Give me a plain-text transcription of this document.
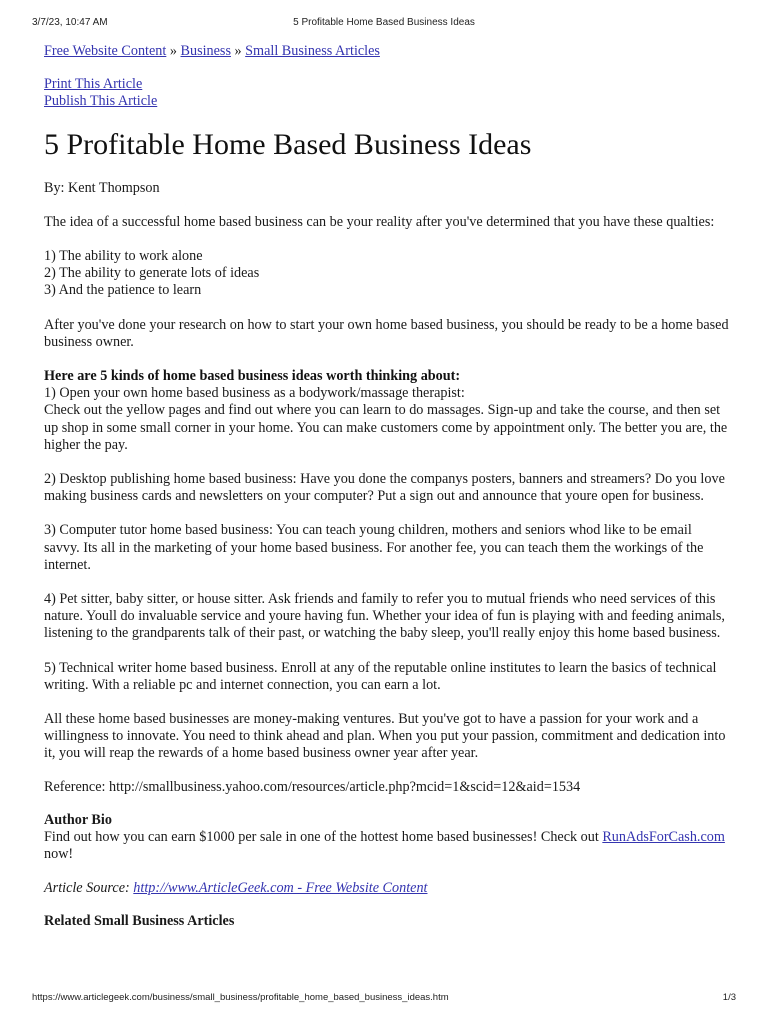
3/7/23, 10:47 AM	5 Profitable Home Based Business Ideas
Free Website Content » Business » Small Business Articles
Print This Article
Publish This Article
5 Profitable Home Based Business Ideas

By: Kent Thompson

The idea of a successful home based business can be your reality after you've determined that you have these qualties:

1) The ability to work alone

2) The ability to generate lots of ideas

3) And the patience to learn

After you've done your research on how to start your own home based business, you should be ready to be a home based business owner.

Here are 5 kinds of home based business ideas worth thinking about:

1) Open your own home based business as a bodywork/massage therapist:

Check out the yellow pages and find out where you can learn to do massages. Sign-up and take the course, and then set up shop in some small corner in your home. You can make customers come by appointment only. The better you are, the higher the pay.

2) Desktop publishing home based business: Have you done the companys posters, banners and streamers? Do you love making business cards and newsletters on your computer? Put a sign out and announce that youre open for business.

3) Computer tutor home based business: You can teach young children, mothers and seniors whod like to be email savvy. Its all in the marketing of your home based business. For another fee, you can teach them the workings of the internet.

4) Pet sitter, baby sitter, or house sitter. Ask friends and family to refer you to mutual friends who need services of this nature. Youll do invaluable service and youre having fun. Whether your idea of fun is playing with and feeding animals, listening to the grandparents talk of their past, or watching the baby sleep, you'll really enjoy this home based business.

5) Technical writer home based business. Enroll at any of the reputable online institutes to learn the basics of technical writing. With a reliable pc and internet connection, you can earn a lot.

All these home based businesses are money-making ventures. But you've got to have a passion for your work and a willingness to innovate. You need to think ahead and plan. When you put your passion, commitment and dedication into it, you will reap the rewards of a home based business owner year after year.

Reference: http://smallbusiness.yahoo.com/resources/article.php?mcid=1&scid=12&aid=1534

Author Bio

Find out how you can earn $1000 per sale in one of the hottest home based businesses! Check out RunAdsForCash.com now!

Article Source: http://www.ArticleGeek.com - Free Website Content

Related Small Business Articles

https://www.articlegeek.com/business/small_business/profitable_home_based_business_ideas.htm	1/3
